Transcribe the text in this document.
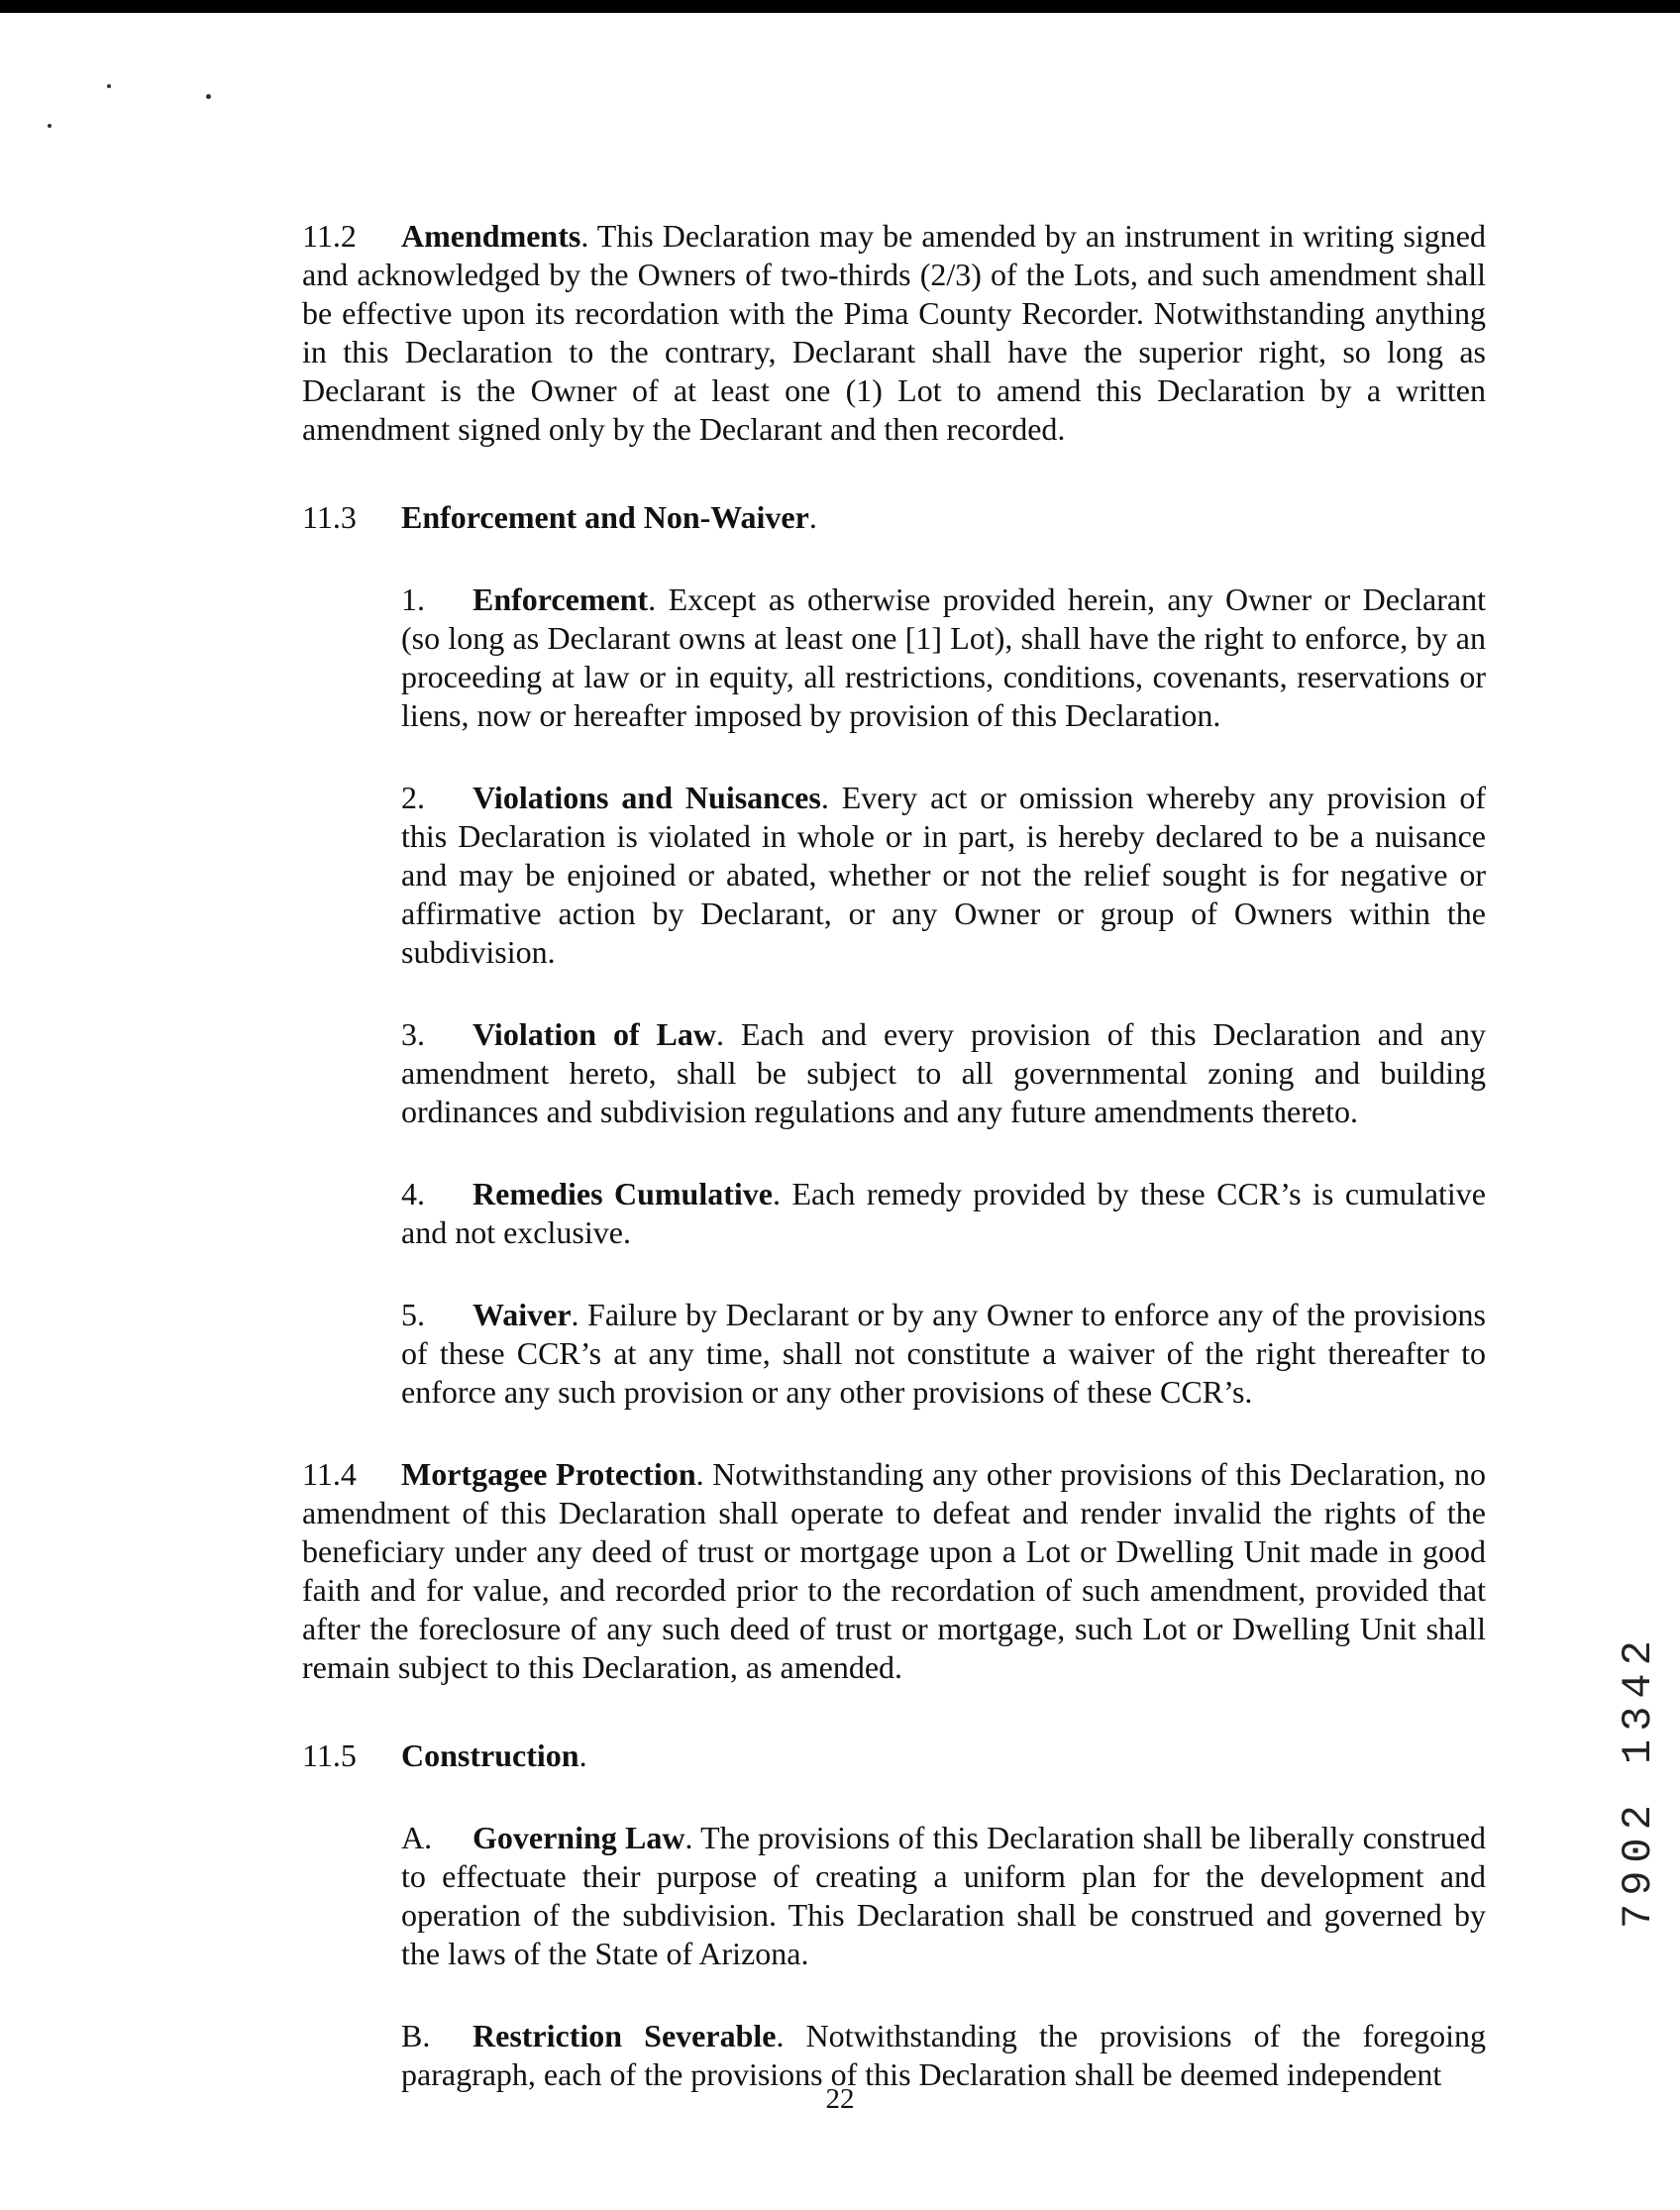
11.2 Amendments. This Declaration may be amended by an instrument in writing signed and acknowledged by the Owners of two-thirds (2/3) of the Lots, and such amendment shall be effective upon its recordation with the Pima County Recorder. Notwithstanding anything in this Declaration to the contrary, Declarant shall have the superior right, so long as Declarant is the Owner of at least one (1) Lot to amend this Declaration by a written amendment signed only by the Declarant and then recorded.

11.3 Enforcement and Non-Waiver.

1. Enforcement. Except as otherwise provided herein, any Owner or Declarant (so long as Declarant owns at least one [1] Lot), shall have the right to enforce, by an proceeding at law or in equity, all restrictions, conditions, covenants, reservations or liens, now or hereafter imposed by provision of this Declaration.

2. Violations and Nuisances. Every act or omission whereby any provision of this Declaration is violated in whole or in part, is hereby declared to be a nuisance and may be enjoined or abated, whether or not the relief sought is for negative or affirmative action by Declarant, or any Owner or group of Owners within the subdivision.

3. Violation of Law. Each and every provision of this Declaration and any amendment hereto, shall be subject to all governmental zoning and building ordinances and subdivision regulations and any future amendments thereto.

4. Remedies Cumulative. Each remedy provided by these CCR’s is cumulative and not exclusive.

5. Waiver. Failure by Declarant or by any Owner to enforce any of the provisions of these CCR’s at any time, shall not constitute a waiver of the right thereafter to enforce any such provision or any other provisions of these CCR’s.

11.4 Mortgagee Protection. Notwithstanding any other provisions of this Declaration, no amendment of this Declaration shall operate to defeat and render invalid the rights of the beneficiary under any deed of trust or mortgage upon a Lot or Dwelling Unit made in good faith and for value, and recorded prior to the recordation of such amendment, provided that after the foreclosure of any such deed of trust or mortgage, such Lot or Dwelling Unit shall remain subject to this Declaration, as amended.

11.5 Construction.

A. Governing Law. The provisions of this Declaration shall be liberally construed to effectuate their purpose of creating a uniform plan for the development and operation of the subdivision. This Declaration shall be construed and governed by the laws of the State of Arizona.

B. Restriction Severable. Notwithstanding the provisions of the foregoing paragraph, each of the provisions of this Declaration shall be deemed independent

7902 1342
22
